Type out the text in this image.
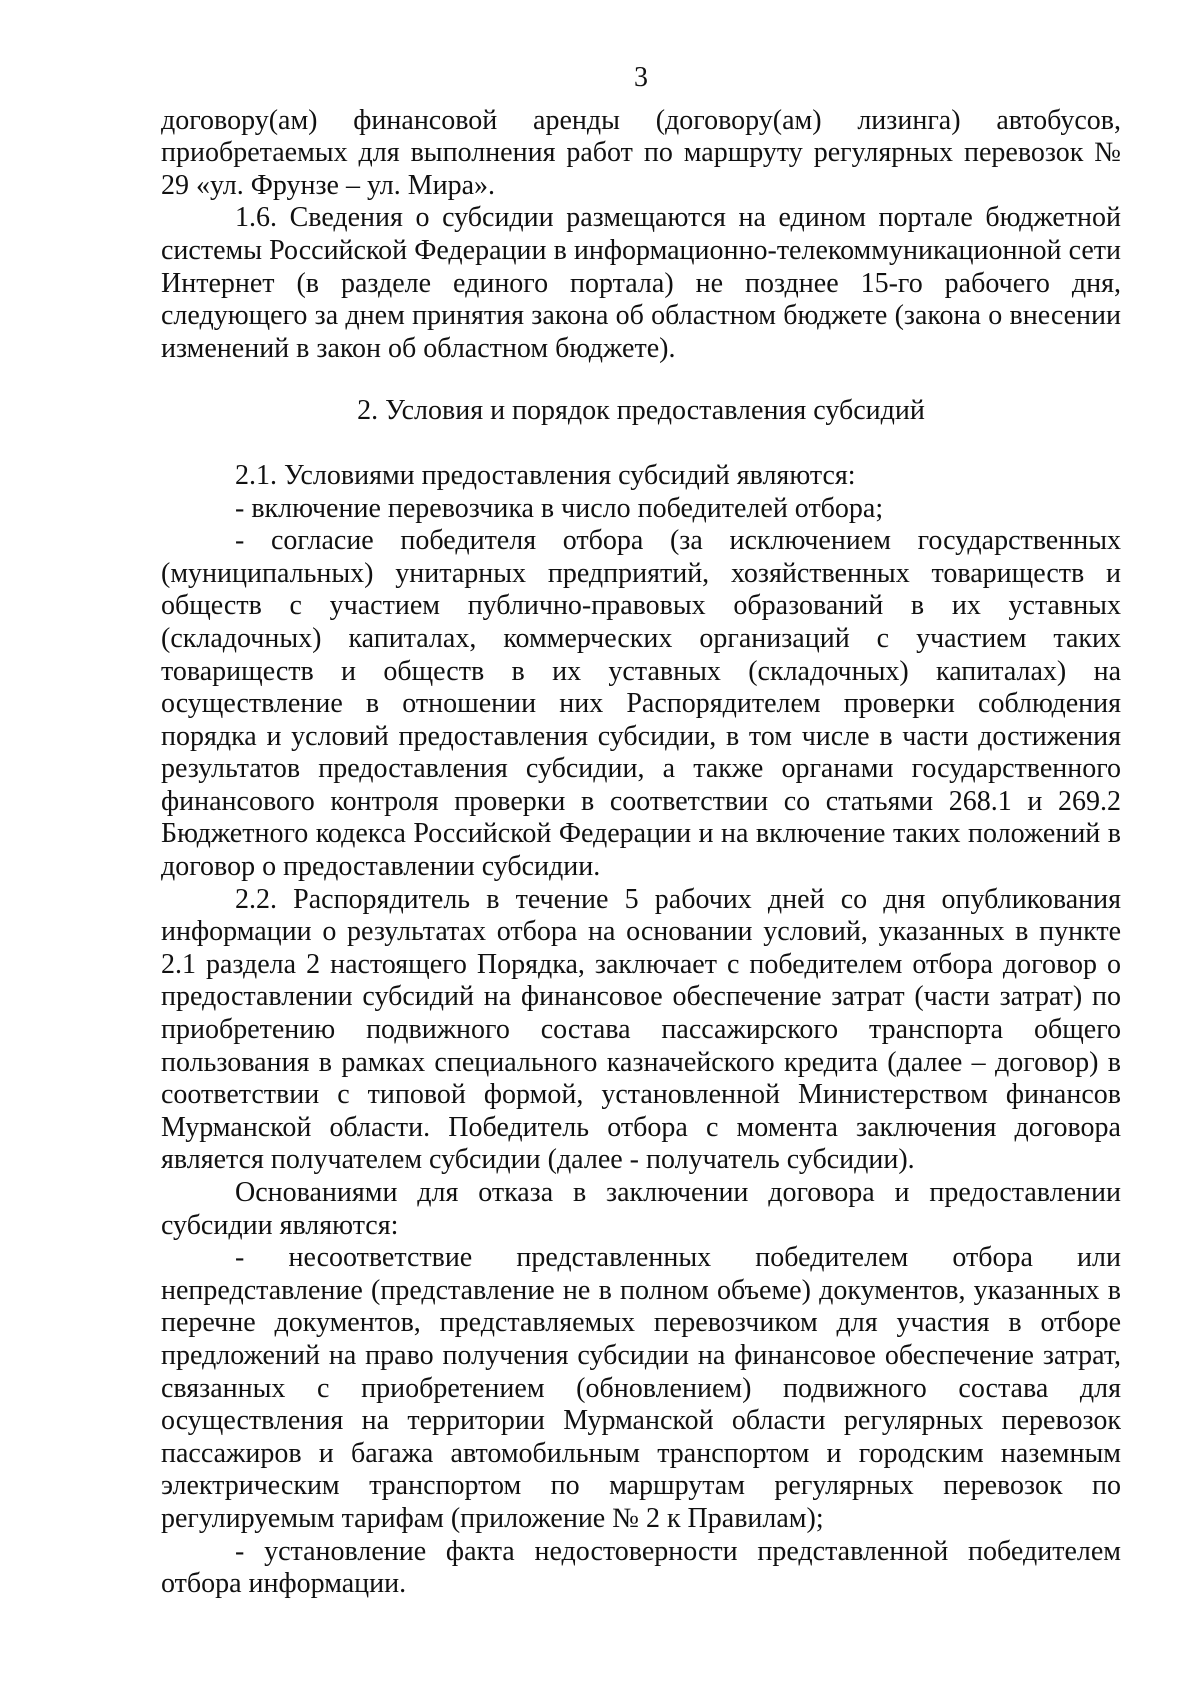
3

договору(ам) финансовой аренды (договору(ам) лизинга) автобусов, приобретаемых для выполнения работ по маршруту регулярных перевозок № 29 «ул. Фрунзе – ул. Мира».

1.6. Сведения о субсидии размещаются на едином портале бюджетной системы Российской Федерации в информационно-телекоммуникационной сети Интернет (в разделе единого портала) не позднее 15-го рабочего дня, следующего за днем принятия закона об областном бюджете (закона о внесении изменений в закон об областном бюджете).

2. Условия и порядок предоставления субсидий

2.1. Условиями предоставления субсидий являются:

- включение перевозчика в число победителей отбора;

- согласие победителя отбора (за исключением государственных (муниципальных) унитарных предприятий, хозяйственных товариществ и обществ с участием публично-правовых образований в их уставных (складочных) капиталах, коммерческих организаций с участием таких товариществ и обществ в их уставных (складочных) капиталах) на осуществление в отношении них Распорядителем проверки соблюдения порядка и условий предоставления субсидии, в том числе в части достижения результатов предоставления субсидии, а также органами государственного финансового контроля проверки в соответствии со статьями 268.1 и 269.2 Бюджетного кодекса Российской Федерации и на включение таких положений в договор о предоставлении субсидии.

2.2. Распорядитель в течение 5 рабочих дней со дня опубликования информации о результатах отбора на основании условий, указанных в пункте 2.1 раздела 2 настоящего Порядка, заключает с победителем отбора договор о предоставлении субсидий на финансовое обеспечение затрат (части затрат) по приобретению подвижного состава пассажирского транспорта общего пользования в рамках специального казначейского кредита (далее – договор) в соответствии с типовой формой, установленной Министерством финансов Мурманской области. Победитель отбора с момента заключения договора является получателем субсидии (далее - получатель субсидии).

Основаниями для отказа в заключении договора и предоставлении субсидии являются:

- несоответствие представленных победителем отбора или непредставление (представление не в полном объеме) документов, указанных в перечне документов, представляемых перевозчиком для участия в отборе предложений на право получения субсидии на финансовое обеспечение затрат, связанных с приобретением (обновлением) подвижного состава для осуществления на территории Мурманской области регулярных перевозок пассажиров и багажа автомобильным транспортом и городским наземным электрическим транспортом по маршрутам регулярных перевозок по регулируемым тарифам (приложение № 2 к Правилам);

- установление факта недостоверности представленной победителем отбора информации.
